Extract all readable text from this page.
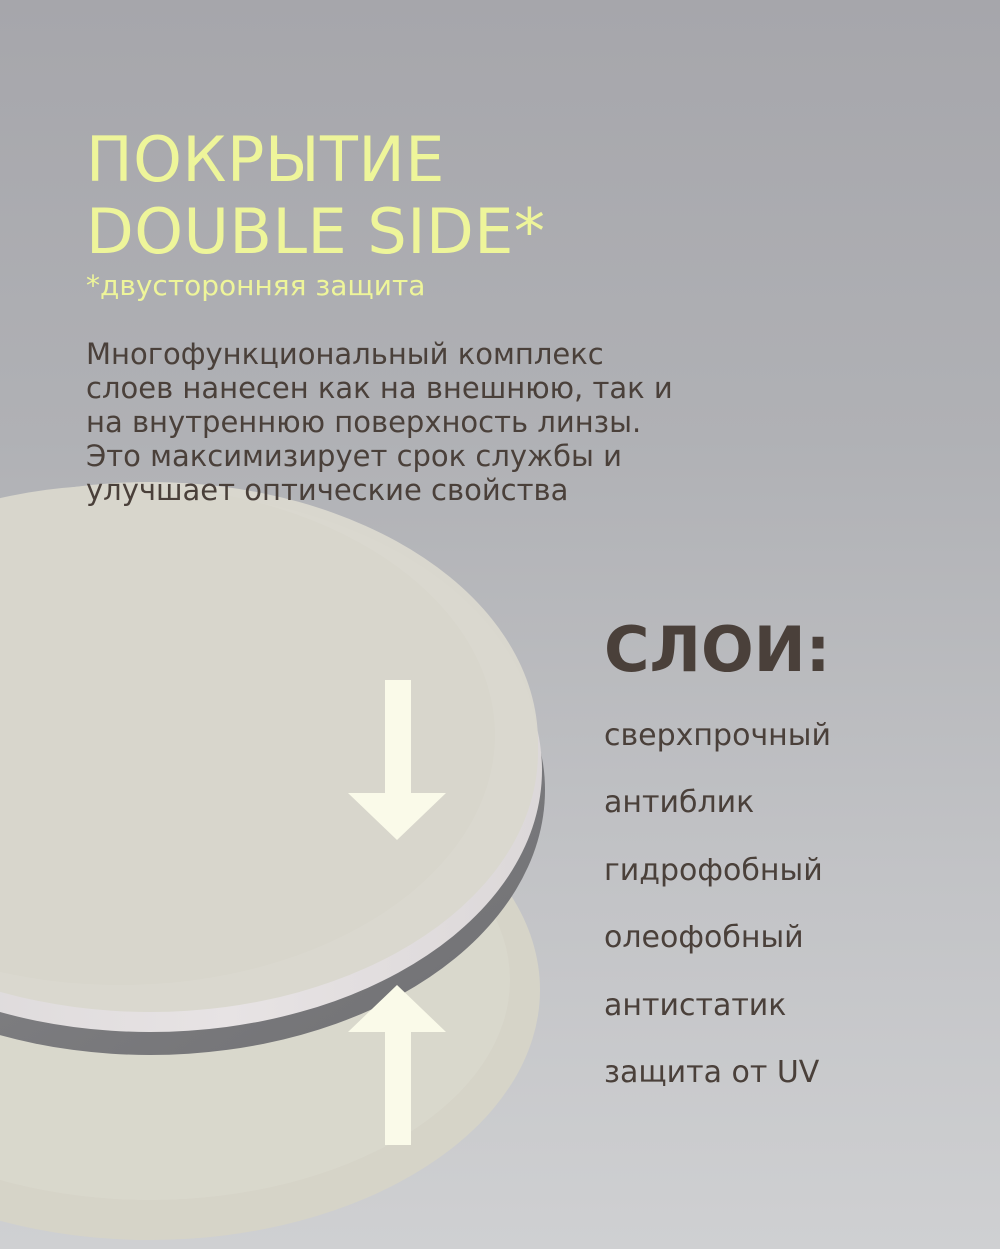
ПОКРЫТИЕ
DOUBLE SIDE*

*двусторонняя защита

Многофункциональный комплекс
слоев нанесен как на внешнюю, так и
на внутреннюю поверхность линзы.
Это максимизирует срок службы и
улучшает оптические свойства

СЛОИ:
сверхпрочный
антиблик
гидрофобный
олеофобный
антистатик
защита от UV
